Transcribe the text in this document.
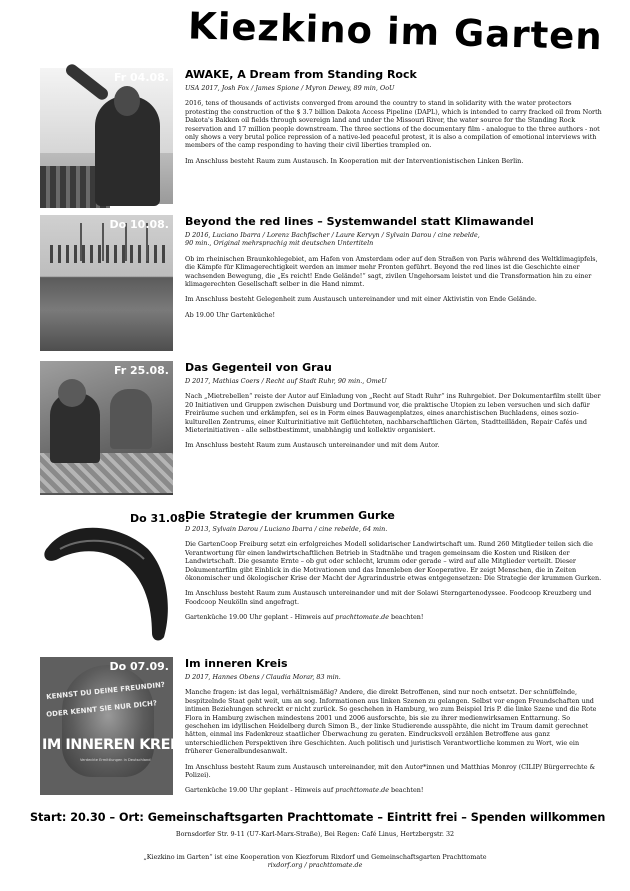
Kiezkino im Garten
Fr 04.08. AWAKE, A Dream from Standing Rock
USA 2017, Josh Fox / James Spione / Myron Dewey, 89 min, OoU
2016, tens of thousands of activists converged from around the country to stand in solidarity with the water protectors protesting the construction of the $ 3.7 billion Dakota Access Pipeline (DAPL), which is intended to carry fracked oil from North Dakota's Bakken oil fields through sovereign land and under the Missouri River, the water source for the Standing Rock reservation and 17 million people downstream. The three sections of the documentary film - analogue to the three authors - not only shows a very brutal police repression of a native-led peaceful protest, it is also a compilation of emotional interviews with members of the camp responding to having their civil liberties trampled on.
Im Anschluss besteht Raum zum Austausch. In Kooperation mit der Interventionistischen Linken Berlin.
Do 10.08. Beyond the red lines – Systemwandel statt Klimawandel
D 2016, Luciano Ibarra / Lorenz Bachfischer / Laure Kervyn / Sylvain Darou / cine rebelde,
90 min., Original mehrsprachig mit deutschen Untertiteln
Ob im rheinischen Braunkohlegebiet, am Hafen von Amsterdam oder auf den Straßen von Paris während des Weltklimagipfels, die Kämpfe für Klimagerechtigkeit werden an immer mehr Fronten geführt. Beyond the red lines ist die Geschichte einer wachsenden Bewegung, die „Es reicht! Ende Gelände!“ sagt, zivilen Ungehorsam leistet und die Transformation hin zu einer klimagerechten Gesellschaft selber in die Hand nimmt.
Im Anschluss besteht Gelegenheit zum Austausch untereinander und mit einer Aktivistin von Ende Gelände.
Ab 19.00 Uhr Gartenküche!
Fr 25.08. Das Gegenteil von Grau
D 2017, Mathias Coers / Recht auf Stadt Ruhr, 90 min., OmeU
Nach „Mietrebellen“ reiste der Autor auf Einladung von „Recht auf Stadt Ruhr“ ins Ruhrgebiet. Der Dokumentarfilm stellt über 20 Initiativen und Gruppen zwischen Duisburg und Dortmund vor, die praktische Utopien zu leben versuchen und sich dafür Freiräume suchen und erkämpfen, sei es in Form eines Bauwagenplatzes, eines anarchistischen Buchladens, eines sozio-kulturellen Zentrums, einer Kulturinitiative mit Geflüchteten, nachbarschaftlichen Gärten, Stadtteilläden, Repair Cafés und Mieterinitiativen - alle selbstbestimmt, unabhängig und kollektiv organisiert.
Im Anschluss besteht Raum zum Austausch untereinander und mit dem Autor.
Do 31.08.
Die Strategie der krummen Gurke
D 2013, Sylvain Darou / Luciano Ibarra / cine rebelde, 64 min.
Die GartenCoop Freiburg setzt ein erfolgreiches Modell solidarischer Landwirtschaft um. Rund 260 Mitglieder teilen sich die Verantwortung für einen landwirtschaftlichen Betrieb in Stadtnähe und tragen gemeinsam die Kosten und Risiken der Landwirtschaft. Die gesamte Ernte – ob gut oder schlecht, krumm oder gerade – wird auf alle Mitglieder verteilt. Dieser Dokumentarfilm gibt Einblick in die Motivationen und das Innenleben der Kooperative. Er zeigt Menschen, die in Zeiten ökonomischer und ökologischer Krise der Macht der Agrarindustrie etwas entgegensetzen: Die Strategie der krummen Gurken.
Im Anschluss besteht Raum zum Austausch untereinander und mit der Solawi Sterngartenodyssee. Foodcoop Kreuzberg und Foodcoop Neukölln sind angefragt.
Gartenküche 19.00 Uhr geplant - Hinweis auf prachttomate.de beachten!
KENNST DU DEINE FREUNDIN?
ODER KENNT SIE NUR DICH?
IM INNEREN KREIS
Verdeckte Ermittlungen in Deutschland
Do 07.09. Im inneren Kreis
D 2017, Hannes Obens / Claudia Morar, 83 min.
Manche fragen: ist das legal, verhältnismäßig? Andere, die direkt Betroffenen, sind nur noch entsetzt. Der schnüffelnde, bespitzelnde Staat geht weit, um an sog. Informationen aus linken Szenen zu gelangen. Selbst vor engen Freundschaften und intimen Beziehungen schreckt er nicht zurück. So geschehen in Hamburg, wo zum Beispiel Iris P. die linke Szene und die Rote Flora in Hamburg zwischen mindestens 2001 und 2006 ausforschte, bis sie zu ihrer medienwirksamen Enttarnung. So geschehen im idyllischen Heidelberg durch Simon B., der linke Studierende ausspähte, die nicht im Traum damit gerechnet hätten, einmal ins Fadenkreuz staatlicher Überwachung zu geraten. Eindrucksvoll erzählen Betroffene aus ganz unterschiedlichen Perspektiven ihre Geschichten. Auch politisch und juristisch Verantwortliche kommen zu Wort, wie ein früherer Generalbundesanwalt.
Im Anschluss besteht Raum zum Austausch untereinander, mit den Autor*innen und Matthias Monroy (CILIP/ Bürgerrechte & Polizei).
Gartenküche 19.00 Uhr geplant - Hinweis auf prachttomate.de beachten!
Start: 20.30 – Ort: Gemeinschaftsgarten Prachttomate – Eintritt frei – Spenden willkommen
Bornsdorfer Str. 9-11 (U7-Karl-Marx-Straße), Bei Regen: Café Linus, Hertzbergstr. 32
„Kiezkino im Garten“ ist eine Kooperation von Kiezforum Rixdorf und Gemeinschaftsgarten Prachttomate
rixdorf.org / prachttomate.de
